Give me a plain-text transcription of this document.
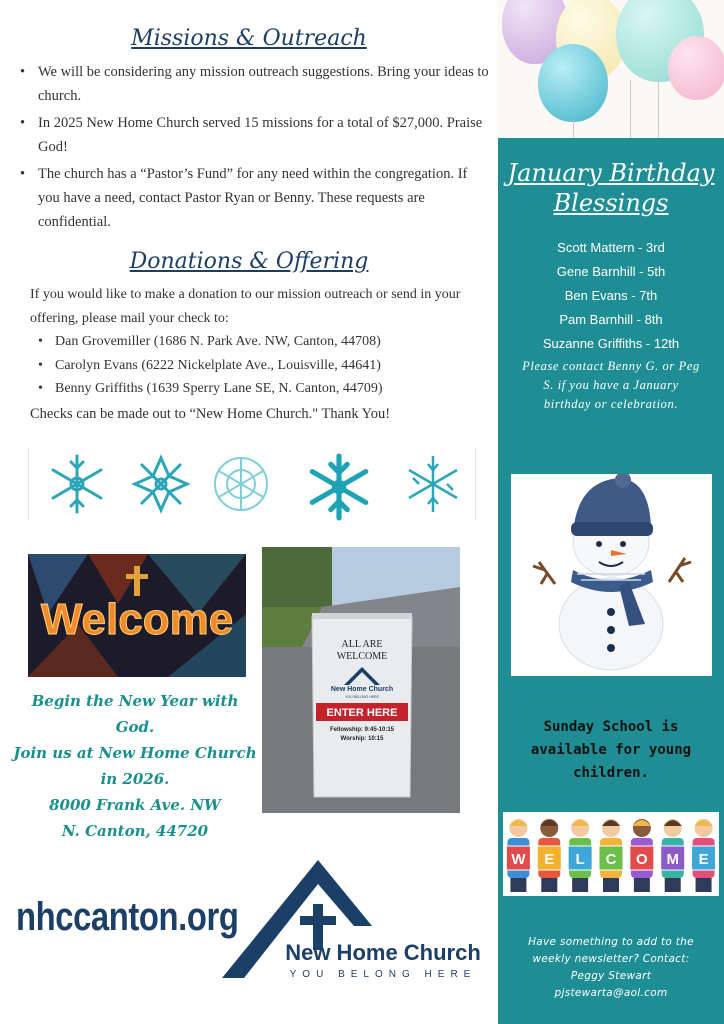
January Birthday
Blessings
Scott Mattern - 3rd
Gene Barnhill - 5th
Ben Evans - 7th
Pam Barnhill - 8th
Suzanne Griffiths - 12th
Please contact Benny G. or Peg S. if you have a January birthday or celebration.
Sunday School is available for young children.
W E L C O M E
Have something to add to the
weekly newsletter? Contact:
Peggy Stewart
pjstewarta@aol.com
Missions & Outreach
• We will be considering any mission outreach suggestions. Bring your ideas to church.
• In 2025 New Home Church served 15 missions for a total of $27,000. Praise God!
• The church has a “Pastor’s Fund” for any need within the congregation. If you have a need, contact Pastor Ryan or Benny. These requests are confidential.
Donations & Offering
If you would like to make a donation to our mission outreach or send in your offering, please mail your check to:
• Dan Grovemiller (1686 N. Park Ave. NW, Canton, 44708)
• Carolyn Evans (6222 Nickelplate Ave., Louisville, 44641)
• Benny Griffiths (1639 Sperry Lane SE, N. Canton, 44709)
Checks can be made out to “New Home Church." Thank You!
Welcome
ALL ARE
WELCOME
New Home Church
YOU BELONG HERE
ENTER HERE
Fellowship: 9:45-10:15
Worship: 10:15
Begin the New Year with God.
Join us at New Home Church
in 2026.
8000 Frank Ave. NW
N. Canton, 44720
nhccanton.org
New Home Church
YOU BELONG HERE
